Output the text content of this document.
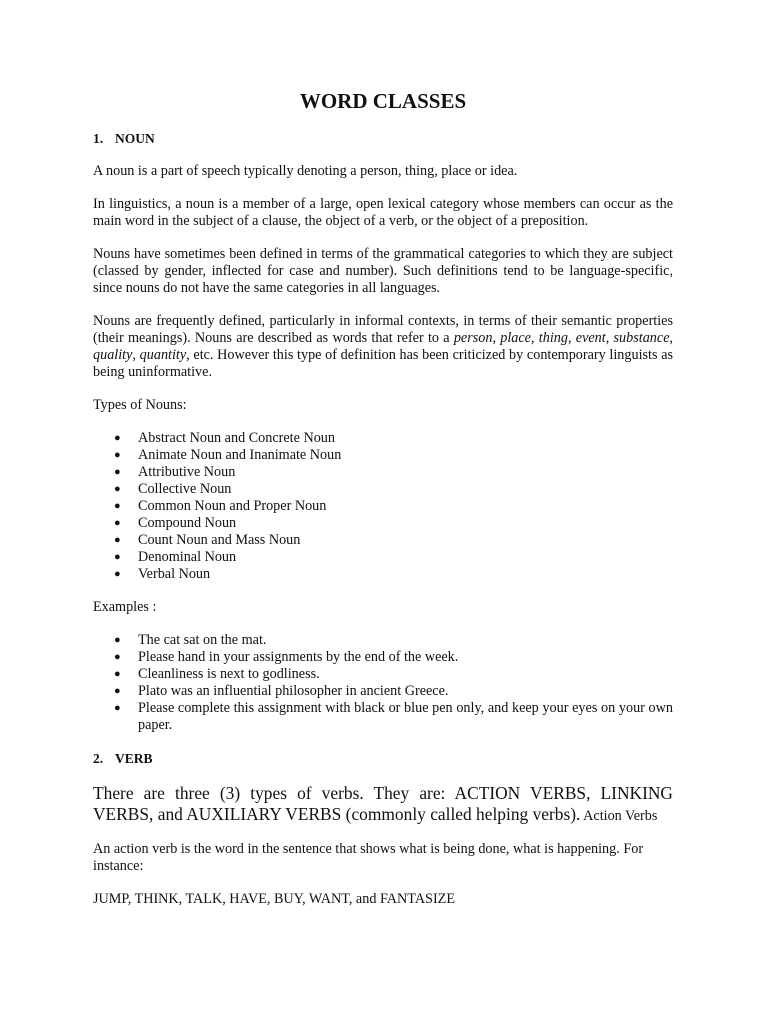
WORD CLASSES
1. NOUN

A noun is a part of speech typically denoting a person, thing, place or idea.

In linguistics, a noun is a member of a large, open lexical category whose members can occur as the main word in the subject of a clause, the object of a verb, or the object of a preposition.

Nouns have sometimes been defined in terms of the grammatical categories to which they are subject (classed by gender, inflected for case and number). Such definitions tend to be language-specific, since nouns do not have the same categories in all languages.

Nouns are frequently defined, particularly in informal contexts, in terms of their semantic properties (their meanings). Nouns are described as words that refer to a person, place, thing, event, substance, quality, quantity, etc. However this type of definition has been criticized by contemporary linguists as being uninformative.

Types of Nouns:

● Abstract Noun and Concrete Noun
● Animate Noun and Inanimate Noun
● Attributive Noun
● Collective Noun
● Common Noun and Proper Noun
● Compound Noun
● Count Noun and Mass Noun
● Denominal Noun
● Verbal Noun

Examples :

● The cat sat on the mat.
● Please hand in your assignments by the end of the week.
● Cleanliness is next to godliness.
● Plato was an influential philosopher in ancient Greece.
● Please complete this assignment with black or blue pen only, and keep your eyes on your own paper.
2. VERB

There are three (3) types of verbs. They are: ACTION VERBS, LINKING VERBS, and AUXILIARY VERBS (commonly called helping verbs). Action Verbs

An action verb is the word in the sentence that shows what is being done, what is happening. For instance:

JUMP, THINK, TALK, HAVE, BUY, WANT, and FANTASIZE
